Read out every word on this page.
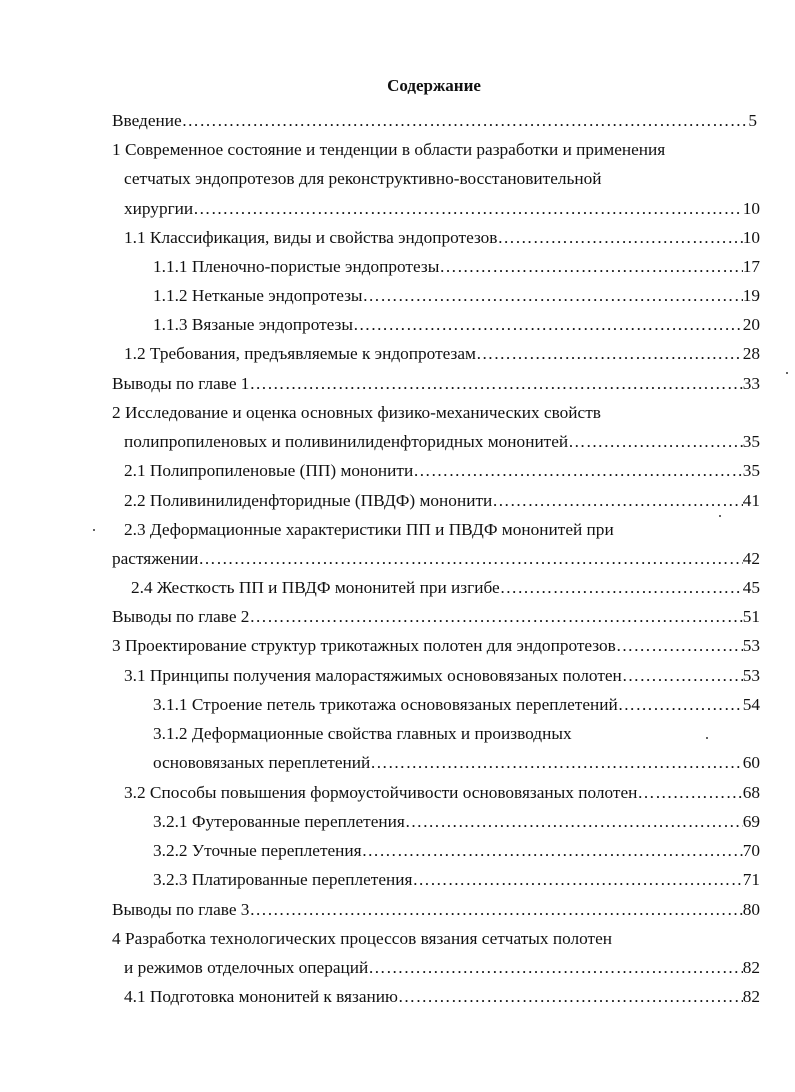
Содержание
Введение ……………………………………………………………………………………………………………………………………………………………………………………	5
1 Современное состояние и тенденции в области разработки и применения
сетчатых эндопротезов для реконструктивно-восстановительной
хирургии ……………………………………………………………………………………………………………………………………………………………………………………	10
1.1 Классификация, виды и свойства эндопротезов ……………………………………………………………………………………………………………………………………………………………………………………	10
1.1.1 Пленочно-пористые эндопротезы ……………………………………………………………………………………………………………………………………………………………………………………	17
1.1.2 Нетканые эндопротезы ……………………………………………………………………………………………………………………………………………………………………………………	19
1.1.3 Вязаные эндопротезы ……………………………………………………………………………………………………………………………………………………………………………………	20
1.2 Требования, предъявляемые к эндопротезам ……………………………………………………………………………………………………………………………………………………………………………………	28
Выводы по главе 1 ……………………………………………………………………………………………………………………………………………………………………………………	33
2 Исследование и оценка основных физико-механических свойств
полипропиленовых и поливинилиденфторидных мононитей ……………………………………………………………………………………………………………………………………………………………………………………	35
2.1 Полипропиленовые (ПП) мононити ……………………………………………………………………………………………………………………………………………………………………………………	35
2.2 Поливинилиденфторидные (ПВДФ) мононити ……………………………………………………………………………………………………………………………………………………………………………………	41
2.3 Деформационные характеристики ПП и ПВДФ мононитей при
растяжении ……………………………………………………………………………………………………………………………………………………………………………………	42
2.4 Жесткость ПП и ПВДФ мононитей при изгибе ……………………………………………………………………………………………………………………………………………………………………………………	45
Выводы по главе 2 ……………………………………………………………………………………………………………………………………………………………………………………	51
3 Проектирование структур трикотажных полотен для эндопротезов ……………………………………………………………………………………………………………………………………………………………………………………	53
3.1 Принципы получения малорастяжимых основовязаных полотен ……………………………………………………………………………………………………………………………………………………………………………………	53
3.1.1 Строение петель трикотажа основовязаных переплетений ……………………………………………………………………………………………………………………………………………………………………………………	54
3.1.2 Деформационные свойства главных и производных
основовязаных переплетений ……………………………………………………………………………………………………………………………………………………………………………………	60
3.2 Способы повышения формоустойчивости основовязаных полотен ……………………………………………………………………………………………………………………………………………………………………………………	68
3.2.1 Футерованные переплетения ……………………………………………………………………………………………………………………………………………………………………………………	69
3.2.2 Уточные переплетения ……………………………………………………………………………………………………………………………………………………………………………………	70
3.2.3 Платированные переплетения ……………………………………………………………………………………………………………………………………………………………………………………	71
Выводы по главе 3 ……………………………………………………………………………………………………………………………………………………………………………………	80
4 Разработка технологических процессов вязания сетчатых полотен
и режимов отделочных операций ……………………………………………………………………………………………………………………………………………………………………………………	82
4.1 Подготовка мононитей к вязанию ……………………………………………………………………………………………………………………………………………………………………………………	82
